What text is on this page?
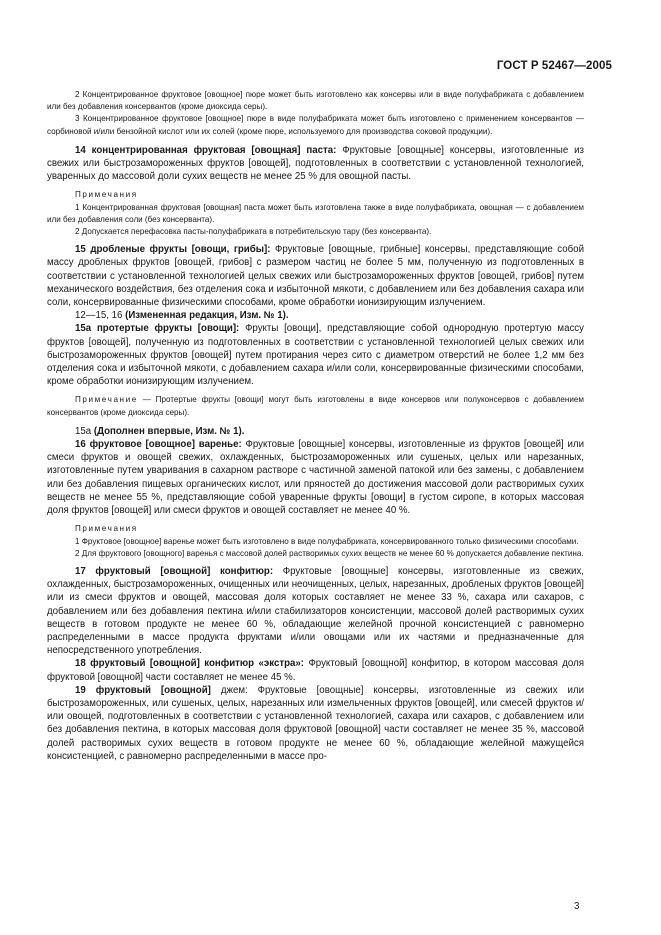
ГОСТ Р 52467—2005

2 Концентрированное фруктовое [овощное] пюре может быть изготовлено как консервы или в виде полуфабриката с добавлением или без добавления консервантов (кроме диоксида серы).

3 Концентрированное фруктовое [овощное] пюре в виде полуфабриката может быть изготовлено с применением консервантов — сорбиновой и/или бензойной кислот или их солей (кроме пюре, используемого для производства соковой продукции).

14 концентрированная фруктовая [овощная] паста: Фруктовые [овощные] консервы, изготовленные из свежих или быстрозамороженных фруктов [овощей], подготовленных в соответствии с установленной технологией, уваренных до массовой доли сухих веществ не менее 25 % для овощной пасты.

Примечания

1 Концентрированная фруктовая [овощная] паста может быть изготовлена также в виде полуфабриката, овощная — с добавлением или без добавления соли (без консерванта).

2 Допускается перефасовка пасты-полуфабриката в потребительскую тару (без консерванта).

15 дробленые фрукты [овощи, грибы]: Фруктовые [овощные, грибные] консервы, представляющие собой массу дробленых фруктов [овощей, грибов] с размером частиц не более 5 мм, полученную из подготовленных в соответствии с установленной технологией целых свежих или быстрозамороженных фруктов [овощей, грибов] путем механического воздействия, без отделения сока и избыточной мякоти, с добавлением или без добавления сахара или соли, консервированные физическими способами, кроме обработки ионизирующим излучением.

12—15, 16 (Измененная редакция, Изм. № 1).

15а протертые фрукты [овощи]: Фрукты [овощи], представляющие собой однородную протертую массу фруктов [овощей], полученную из подготовленных в соответствии с установленной технологией целых свежих или быстрозамороженных фруктов [овощей] путем протирания через сито с диаметром отверстий не более 1,2 мм без отделения сока и избыточной мякоти, с добавлением сахара и/или соли, консервированные физическими способами, кроме обработки ионизирующим излучением.

Примечание — Протертые фрукты [овощи] могут быть изготовлены в виде консервов или полуконсервов с добавлением консервантов (кроме диоксида серы).

15а (Дополнен впервые, Изм. № 1).

16 фруктовое [овощное] варенье: Фруктовые [овощные] консервы, изготовленные из фруктов [овощей] или смеси фруктов и овощей свежих, охлажденных, быстрозамороженных или сушеных, целых или нарезанных, изготовленные путем уваривания в сахарном растворе с частичной заменой патокой или без замены, с добавлением или без добавления пищевых органических кислот, или пряностей до достижения массовой доли растворимых сухих веществ не менее 55 %, представляющие собой уваренные фрукты [овощи] в густом сиропе, в которых массовая доля фруктов [овощей] или смеси фруктов и овощей составляет не менее 40 %.

Примечания

1 Фруктовое [овощное] варенье может быть изготовлено в виде полуфабриката, консервированного только физическими способами.

2 Для фруктового [овощного] варенья с массовой долей растворимых сухих веществ не менее 60 % допускается добавление пектина.

17 фруктовый [овощной] конфитюр: Фруктовые [овощные] консервы, изготовленные из свежих, охлажденных, быстрозамороженных, очищенных или неочищенных, целых, нарезанных, дробленых фруктов [овощей] или из смеси фруктов и овощей, массовая доля которых составляет не менее 33 %, сахара или сахаров, с добавлением или без добавления пектина и/или стабилизаторов консистенции, массовой долей растворимых сухих веществ в готовом продукте не менее 60 %, обладающие желейной прочной консистенцией с равномерно распределенными в массе продукта фруктами и/или овощами или их частями и предназначенные для непосредственного употребления.

18 фруктовый [овощной] конфитюр «экстра»: Фруктовый [овощной] конфитюр, в котором массовая доля фруктовой [овощной] части составляет не менее 45 %.

19 фруктовый [овощной] джем: Фруктовые [овощные] консервы, изготовленные из свежих или быстрозамороженных, или сушеных, целых, нарезанных или измельченных фруктов [овощей], или смесей фруктов и/или овощей, подготовленных в соответствии с установленной технологией, сахара или сахаров, с добавлением или без добавления пектина, в которых массовая доля фруктовой [овощной] части составляет не менее 35 %, массовой долей растворимых сухих веществ в готовом продукте не менее 60 %, обладающие желейной мажущейся консистенцией, с равномерно распределенными в массе про-

3
